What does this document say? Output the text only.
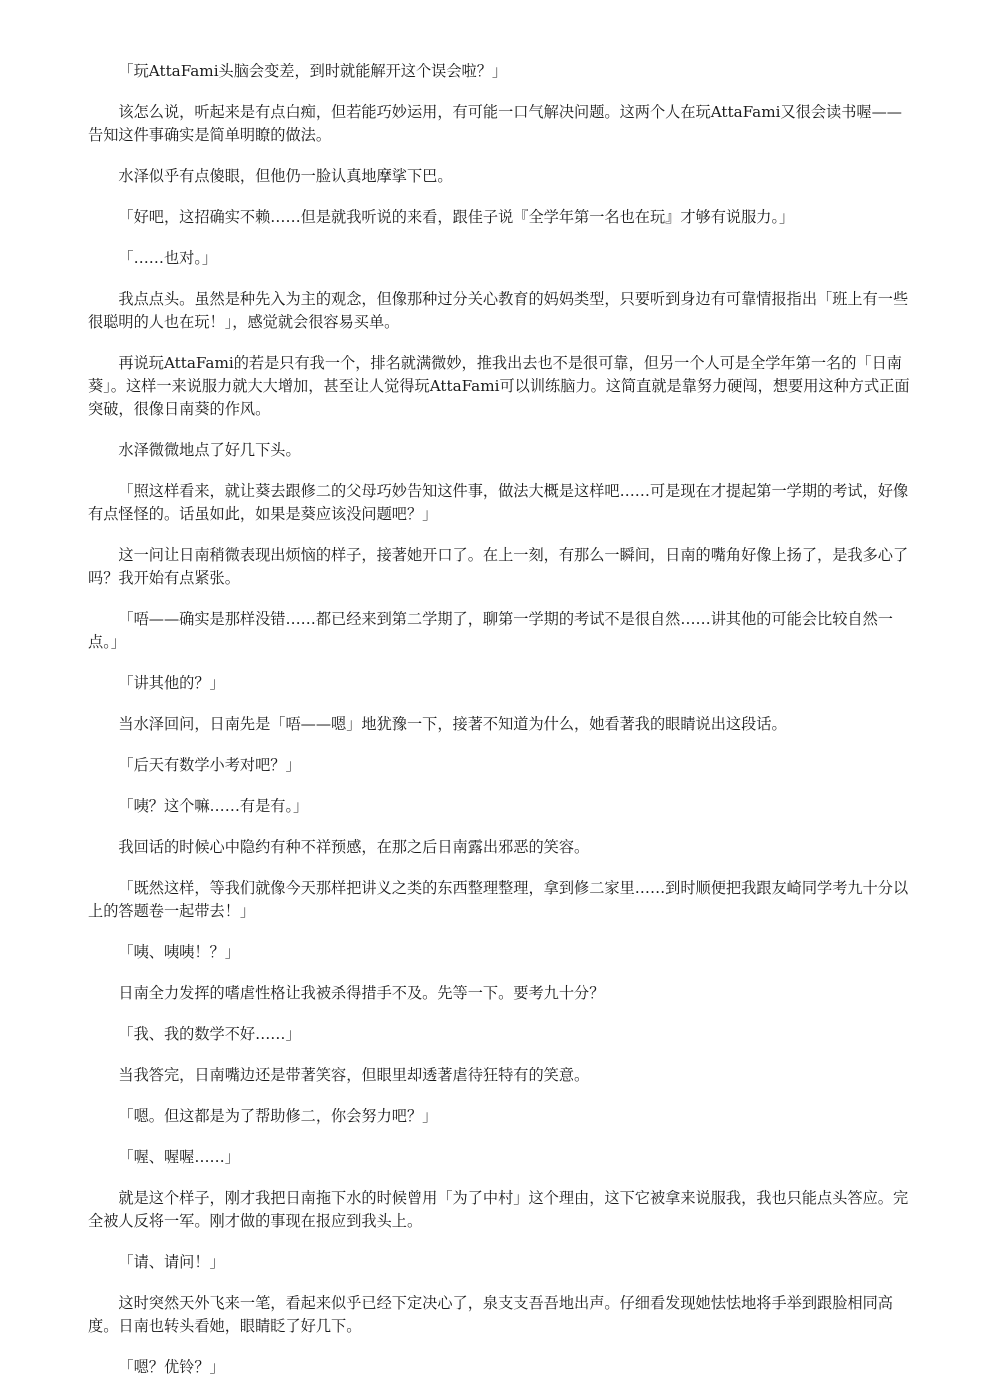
「玩AttaFami头脑会变差，到时就能解开这个误会啦？」

该怎么说，听起来是有点白痴，但若能巧妙运用，有可能一口气解决问题。这两个人在玩AttaFami又很会读书喔——告知这件事确实是简单明瞭的做法。

水泽似乎有点傻眼，但他仍一脸认真地摩挲下巴。

「好吧，这招确实不赖……但是就我听说的来看，跟佳子说『全学年第一名也在玩』才够有说服力。」

「……也对。」

我点点头。虽然是种先入为主的观念，但像那种过分关心教育的妈妈类型，只要听到身边有可靠情报指出「班上有一些很聪明的人也在玩！」，感觉就会很容易买单。

再说玩AttaFami的若是只有我一个，排名就满微妙，推我出去也不是很可靠，但另一个人可是全学年第一名的「日南葵」。这样一来说服力就大大增加，甚至让人觉得玩AttaFami可以训练脑力。这简直就是靠努力硬闯，想要用这种方式正面突破，很像日南葵的作风。

水泽微微地点了好几下头。

「照这样看来，就让葵去跟修二的父母巧妙告知这件事，做法大概是这样吧……可是现在才提起第一学期的考试，好像有点怪怪的。话虽如此，如果是葵应该没问题吧？」

这一问让日南稍微表现出烦恼的样子，接著她开口了。在上一刻，有那么一瞬间，日南的嘴角好像上扬了，是我多心了吗？我开始有点紧张。

「唔——确实是那样没错……都已经来到第二学期了，聊第一学期的考试不是很自然……讲其他的可能会比较自然一点。」

「讲其他的？」

当水泽回问，日南先是「唔——嗯」地犹豫一下，接著不知道为什么，她看著我的眼睛说出这段话。

「后天有数学小考对吧？」

「咦？这个嘛……有是有。」

我回话的时候心中隐约有种不祥预感，在那之后日南露出邪恶的笑容。

「既然这样，等我们就像今天那样把讲义之类的东西整理整理，拿到修二家里……到时顺便把我跟友崎同学考九十分以上的答题卷一起带去！」

「咦、咦咦！？」

日南全力发挥的嗜虐性格让我被杀得措手不及。先等一下。要考九十分？

「我、我的数学不好……」

当我答完，日南嘴边还是带著笑容，但眼里却透著虐待狂特有的笑意。

「嗯。但这都是为了帮助修二，你会努力吧？」

「喔、喔喔……」

就是这个样子，刚才我把日南拖下水的时候曾用「为了中村」这个理由，这下它被拿来说服我，我也只能点头答应。完全被人反将一军。刚才做的事现在报应到我头上。

「请、请问！」

这时突然天外飞来一笔，看起来似乎已经下定决心了，泉支支吾吾地出声。仔细看发现她怯怯地将手举到跟脸相同高度。日南也转头看她，眼睛眨了好几下。

「嗯？优铃？」
